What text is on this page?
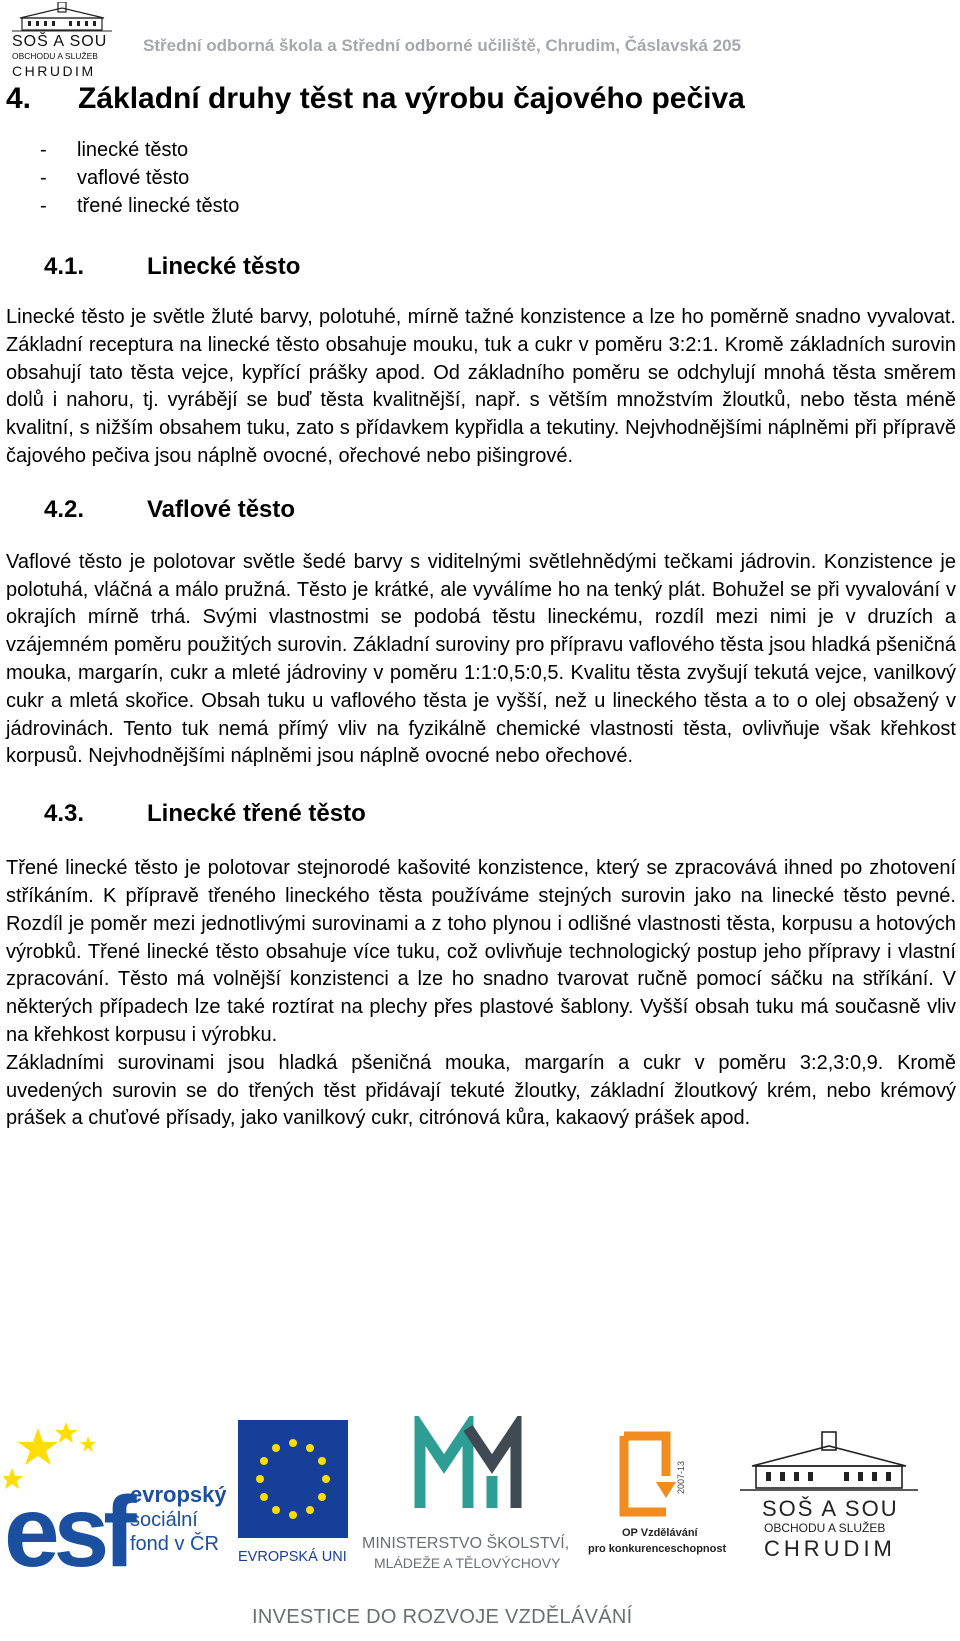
SOŠ A SOU
OBCHODU A SLUŽEB
CHRUDIM
Střední odborná škola a Střední odborné učiliště, Chrudim, Čáslavská 205
4.	Základní druhy těst na výrobu čajového pečiva
-	linecké těsto
-	vaflové těsto
-	třené linecké těsto
4.1.	Linecké těsto

Linecké těsto je světle žluté barvy, polotuhé, mírně tažné konzistence a lze ho poměrně snadno vyvalovat. Základní receptura na linecké těsto obsahuje mouku, tuk a cukr v poměru 3:2:1. Kromě základních surovin obsahují tato těsta vejce, kypřící prášky apod. Od základního poměru se odchylují mnohá těsta směrem dolů i nahoru, tj. vyrábějí se buď těsta kvalitnější, např. s větším množstvím žloutků, nebo těsta méně kvalitní, s nižším obsahem tuku, zato s přídavkem kypřidla a tekutiny. Nejvhodnějšími náplněmi při přípravě čajového pečiva jsou náplně ovocné, ořechové nebo pišingrové.

4.2.	Vaflové těsto

Vaflové těsto je polotovar světle šedé barvy s viditelnými světlehnědými tečkami jádrovin. Konzistence je polotuhá, vláčná a málo pružná. Těsto je krátké, ale vyválíme ho na tenký plát. Bohužel se při vyvalování v okrajích mírně trhá. Svými vlastnostmi se podobá těstu lineckému, rozdíl mezi nimi je v druzích a vzájemném poměru použitých surovin. Základní suroviny pro přípravu vaflového těsta jsou hladká pšeničná mouka, margarín, cukr a mleté jádroviny v poměru 1:1:0,5:0,5. Kvalitu těsta zvyšují tekutá vejce, vanilkový cukr a mletá skořice. Obsah tuku u vaflového těsta je vyšší, než u lineckého těsta a to o olej obsažený v jádrovinách. Tento tuk nemá přímý vliv na fyzikálně chemické vlastnosti těsta, ovlivňuje však křehkost korpusů. Nejvhodnějšími náplněmi jsou náplně ovocné nebo ořechové.

4.3.	Linecké třené těsto

Třené linecké těsto je polotovar stejnorodé kašovité konzistence, který se zpracovává ihned po zhotovení stříkáním. K přípravě třeného lineckého těsta používáme stejných surovin jako na linecké těsto pevné. Rozdíl je poměr mezi jednotlivými surovinami a z toho plynou i odlišné vlastnosti těsta, korpusu a hotových výrobků. Třené linecké těsto obsahuje více tuku, což ovlivňuje technologický postup jeho přípravy i vlastní zpracování. Těsto má volnější konzistenci a lze ho snadno tvarovat ručně pomocí sáčku na stříkání. V některých případech lze také roztírat na plechy přes plastové šablony. Vyšší obsah tuku má současně vliv na křehkost korpusu i výrobku.

Základními surovinami jsou hladká pšeničná mouka, margarín a cukr v poměru 3:2,3:0,9. Kromě uvedených surovin se do třených těst přidávají tekuté žloutky, základní žloutkový krém, nebo krémový prášek a chuťové přísady, jako vanilkový cukr, citrónová kůra, kakaový prášek apod.

esf evropský
sociální
fond v ČR
EVROPSKÁ UNIE
MINISTERSTVO ŠKOLSTVÍ,
MLÁDEŽE A TĚLOVÝCHOVY
2007-13
OP Vzdělávání
pro konkurenceschopnost
SOŠ A SOU
OBCHODU A SLUŽEB
CHRUDIM
INVESTICE DO ROZVOJE VZDĚLÁVÁNÍ
